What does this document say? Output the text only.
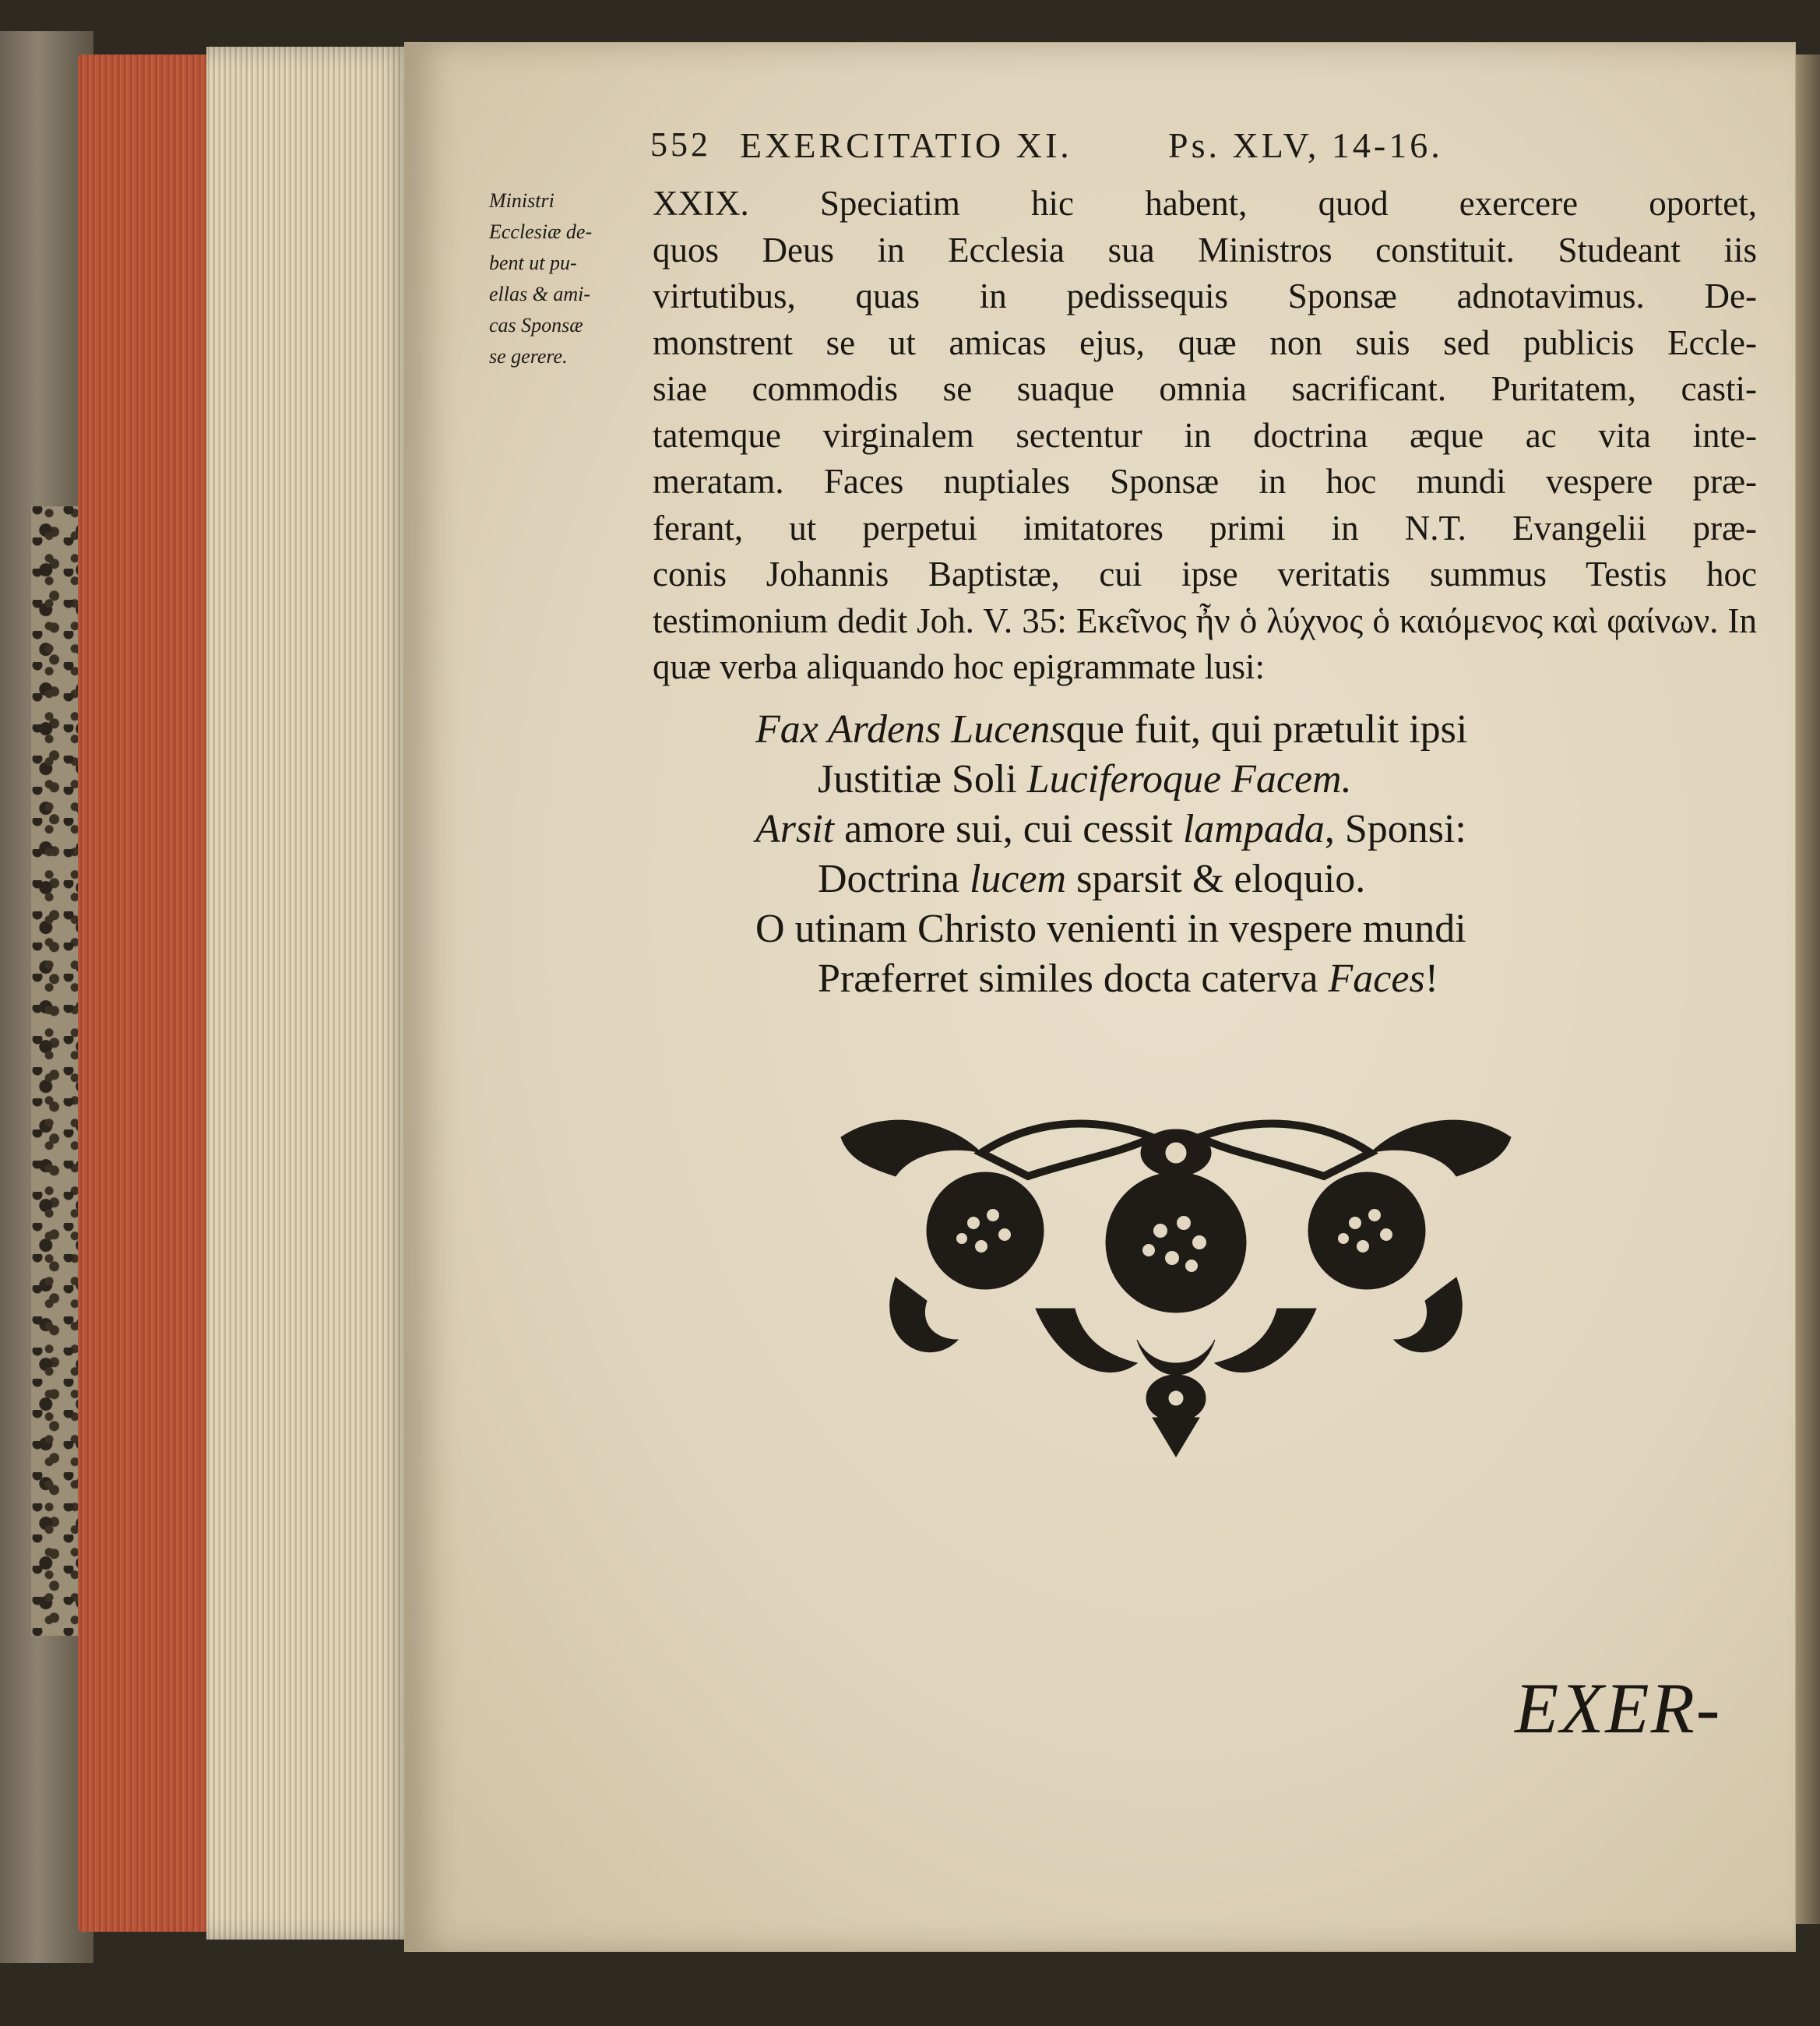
552 EXERCITATIO XI.	Ps. XLV, 14-16.
Ministri
Ecclesiæ de-
bent ut pu-
ellas & ami-
cas Sponsæ
se gerere.
XXIX. Speciatim hic habent, quod exercere oportet,
quos Deus in Ecclesia sua Ministros constituit. Studeant iis
virtutibus, quas in pedissequis Sponsæ adnotavimus. De-
monstrent se ut amicas ejus, quæ non suis sed publicis Eccle-
siae commodis se suaque omnia sacrificant. Puritatem, casti-
tatemque virginalem sectentur in doctrina æque ac vita inte-
meratam. Faces nuptiales Sponsæ in hoc mundi vespere præ-
ferant, ut perpetui imitatores primi in N.T. Evangelii præ-
conis Johannis Baptistæ, cui ipse veritatis summus Testis hoc
testimonium dedit Joh. V. 35: Εκεῖνος ἦν ὁ λύχνος ὁ καιόμενος καὶ φαίνων. In
quæ verba aliquando hoc epigrammate lusi:
Fax Ardens Lucensque fuit, qui prætulit ipsi
Justitiæ Soli Luciferoque Facem.
Arsit amore sui, cui cessit lampada, Sponsi:
Doctrina lucem sparsit & eloquio.
O utinam Christo venienti in vespere mundi
Præferret similes docta caterva Faces!
EXER-
